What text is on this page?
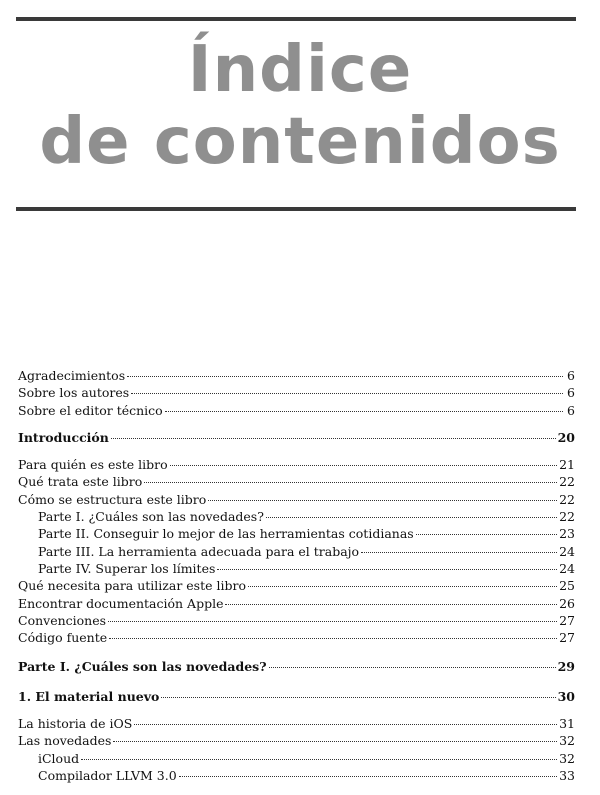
Índice
de contenidos
Agradecimientos	6
Sobre los autores	6
Sobre el editor técnico	6
Introducción	20
Para quién es este libro	21
Qué trata este libro	22
Cómo se estructura este libro	22
Parte I. ¿Cuáles son las novedades?	22
Parte II. Conseguir lo mejor de las herramientas cotidianas	23
Parte III. La herramienta adecuada para el trabajo	24
Parte IV. Superar los límites	24
Qué necesita para utilizar este libro	25
Encontrar documentación Apple	26
Convenciones	27
Código fuente	27
Parte I. ¿Cuáles son las novedades?	29
1. El material nuevo	30
La historia de iOS	31
Las novedades	32
iCloud	32
Compilador LLVM 3.0	33
